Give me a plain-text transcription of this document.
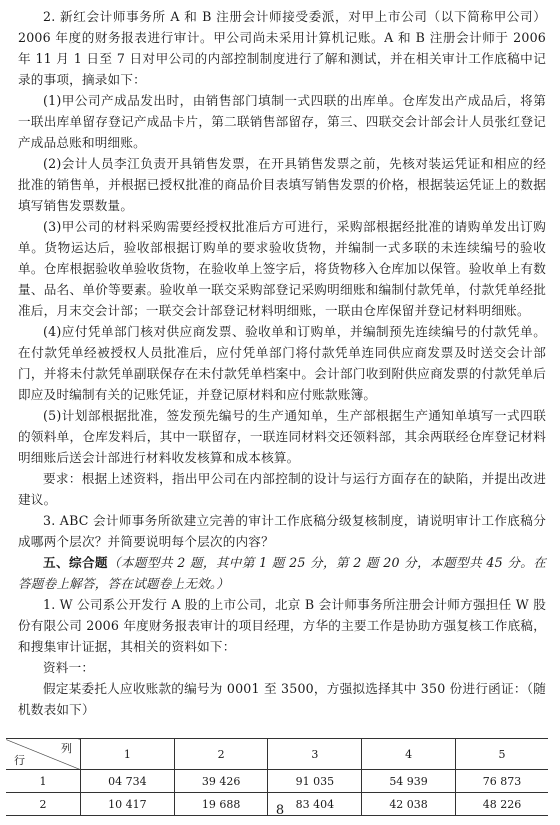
2. 新红会计师事务所 A 和 B 注册会计师接受委派，对甲上市公司（以下简称甲公司）2006 年度的财务报表进行审计。甲公司尚未采用计算机记账。A 和 B 注册会计师于 2006 年 11 月 1 日至 7 日对甲公司的内部控制制度进行了解和测试，并在相关审计工作底稿中记录的事项，摘录如下：

(1)甲公司产成品发出时，由销售部门填制一式四联的出库单。仓库发出产成品后，将第一联出库单留存登记产成品卡片，第二联销售部留存，第三、四联交会计部会计人员张红登记产成品总账和明细账。

(2)会计人员李江负责开具销售发票，在开具销售发票之前，先核对装运凭证和相应的经批准的销售单，并根据已授权批准的商品价目表填写销售发票的价格，根据装运凭证上的数据填写销售发票数量。

(3)甲公司的材料采购需要经授权批准后方可进行，采购部根据经批准的请购单发出订购单。货物运达后，验收部根据订购单的要求验收货物，并编制一式多联的未连续编号的验收单。仓库根据验收单验收货物，在验收单上签字后，将货物移入仓库加以保管。验收单上有数量、品名、单价等要素。验收单一联交采购部登记采购明细账和编制付款凭单，付款凭单经批准后，月末交会计部；一联交会计部登记材料明细账，一联由仓库保留并登记材料明细账。

(4)应付凭单部门核对供应商发票、验收单和订购单，并编制预先连续编号的付款凭单。在付款凭单经被授权人员批准后，应付凭单部门将付款凭单连同供应商发票及时送交会计部门，并将未付款凭单副联保存在未付款凭单档案中。会计部门收到附供应商发票的付款凭单后即应及时编制有关的记账凭证，并登记原材料和应付账款账簿。

(5)计划部根据批准，签发预先编号的生产通知单，生产部根据生产通知单填写一式四联的领料单，仓库发料后，其中一联留存，一联连同材料交还领料部，其余两联经仓库登记材料明细账后送会计部进行材料收发核算和成本核算。

要求：根据上述资料，指出甲公司在内部控制的设计与运行方面存在的缺陷，并提出改进建议。

3. ABC 会计师事务所欲建立完善的审计工作底稿分级复核制度，请说明审计工作底稿分成哪两个层次？并简要说明每个层次的内容？

五、综合题（本题型共 2 题，其中第 1 题 25 分，第 2 题 20 分，本题型共 45 分。在答题卷上解答，答在试题卷上无效。）

1. W 公司系公开发行 A 股的上市公司，北京 B 会计师事务所注册会计师方强担任 W 股份有限公司 2006 年度财务报表审计的项目经理，方华的主要工作是协助方强复核工作底稿，和搜集审计证据，其相关的资料如下：

资料一：

假定某委托人应收账款的编号为 0001 至 3500，方强拟选择其中 350 份进行函证：（随机数表如下）

列
行	1	2	3	4	5
1	04 734	39 426	91 035	54 939	76 873
2	10 417	19 688	83 404	42 038	48 226
8
